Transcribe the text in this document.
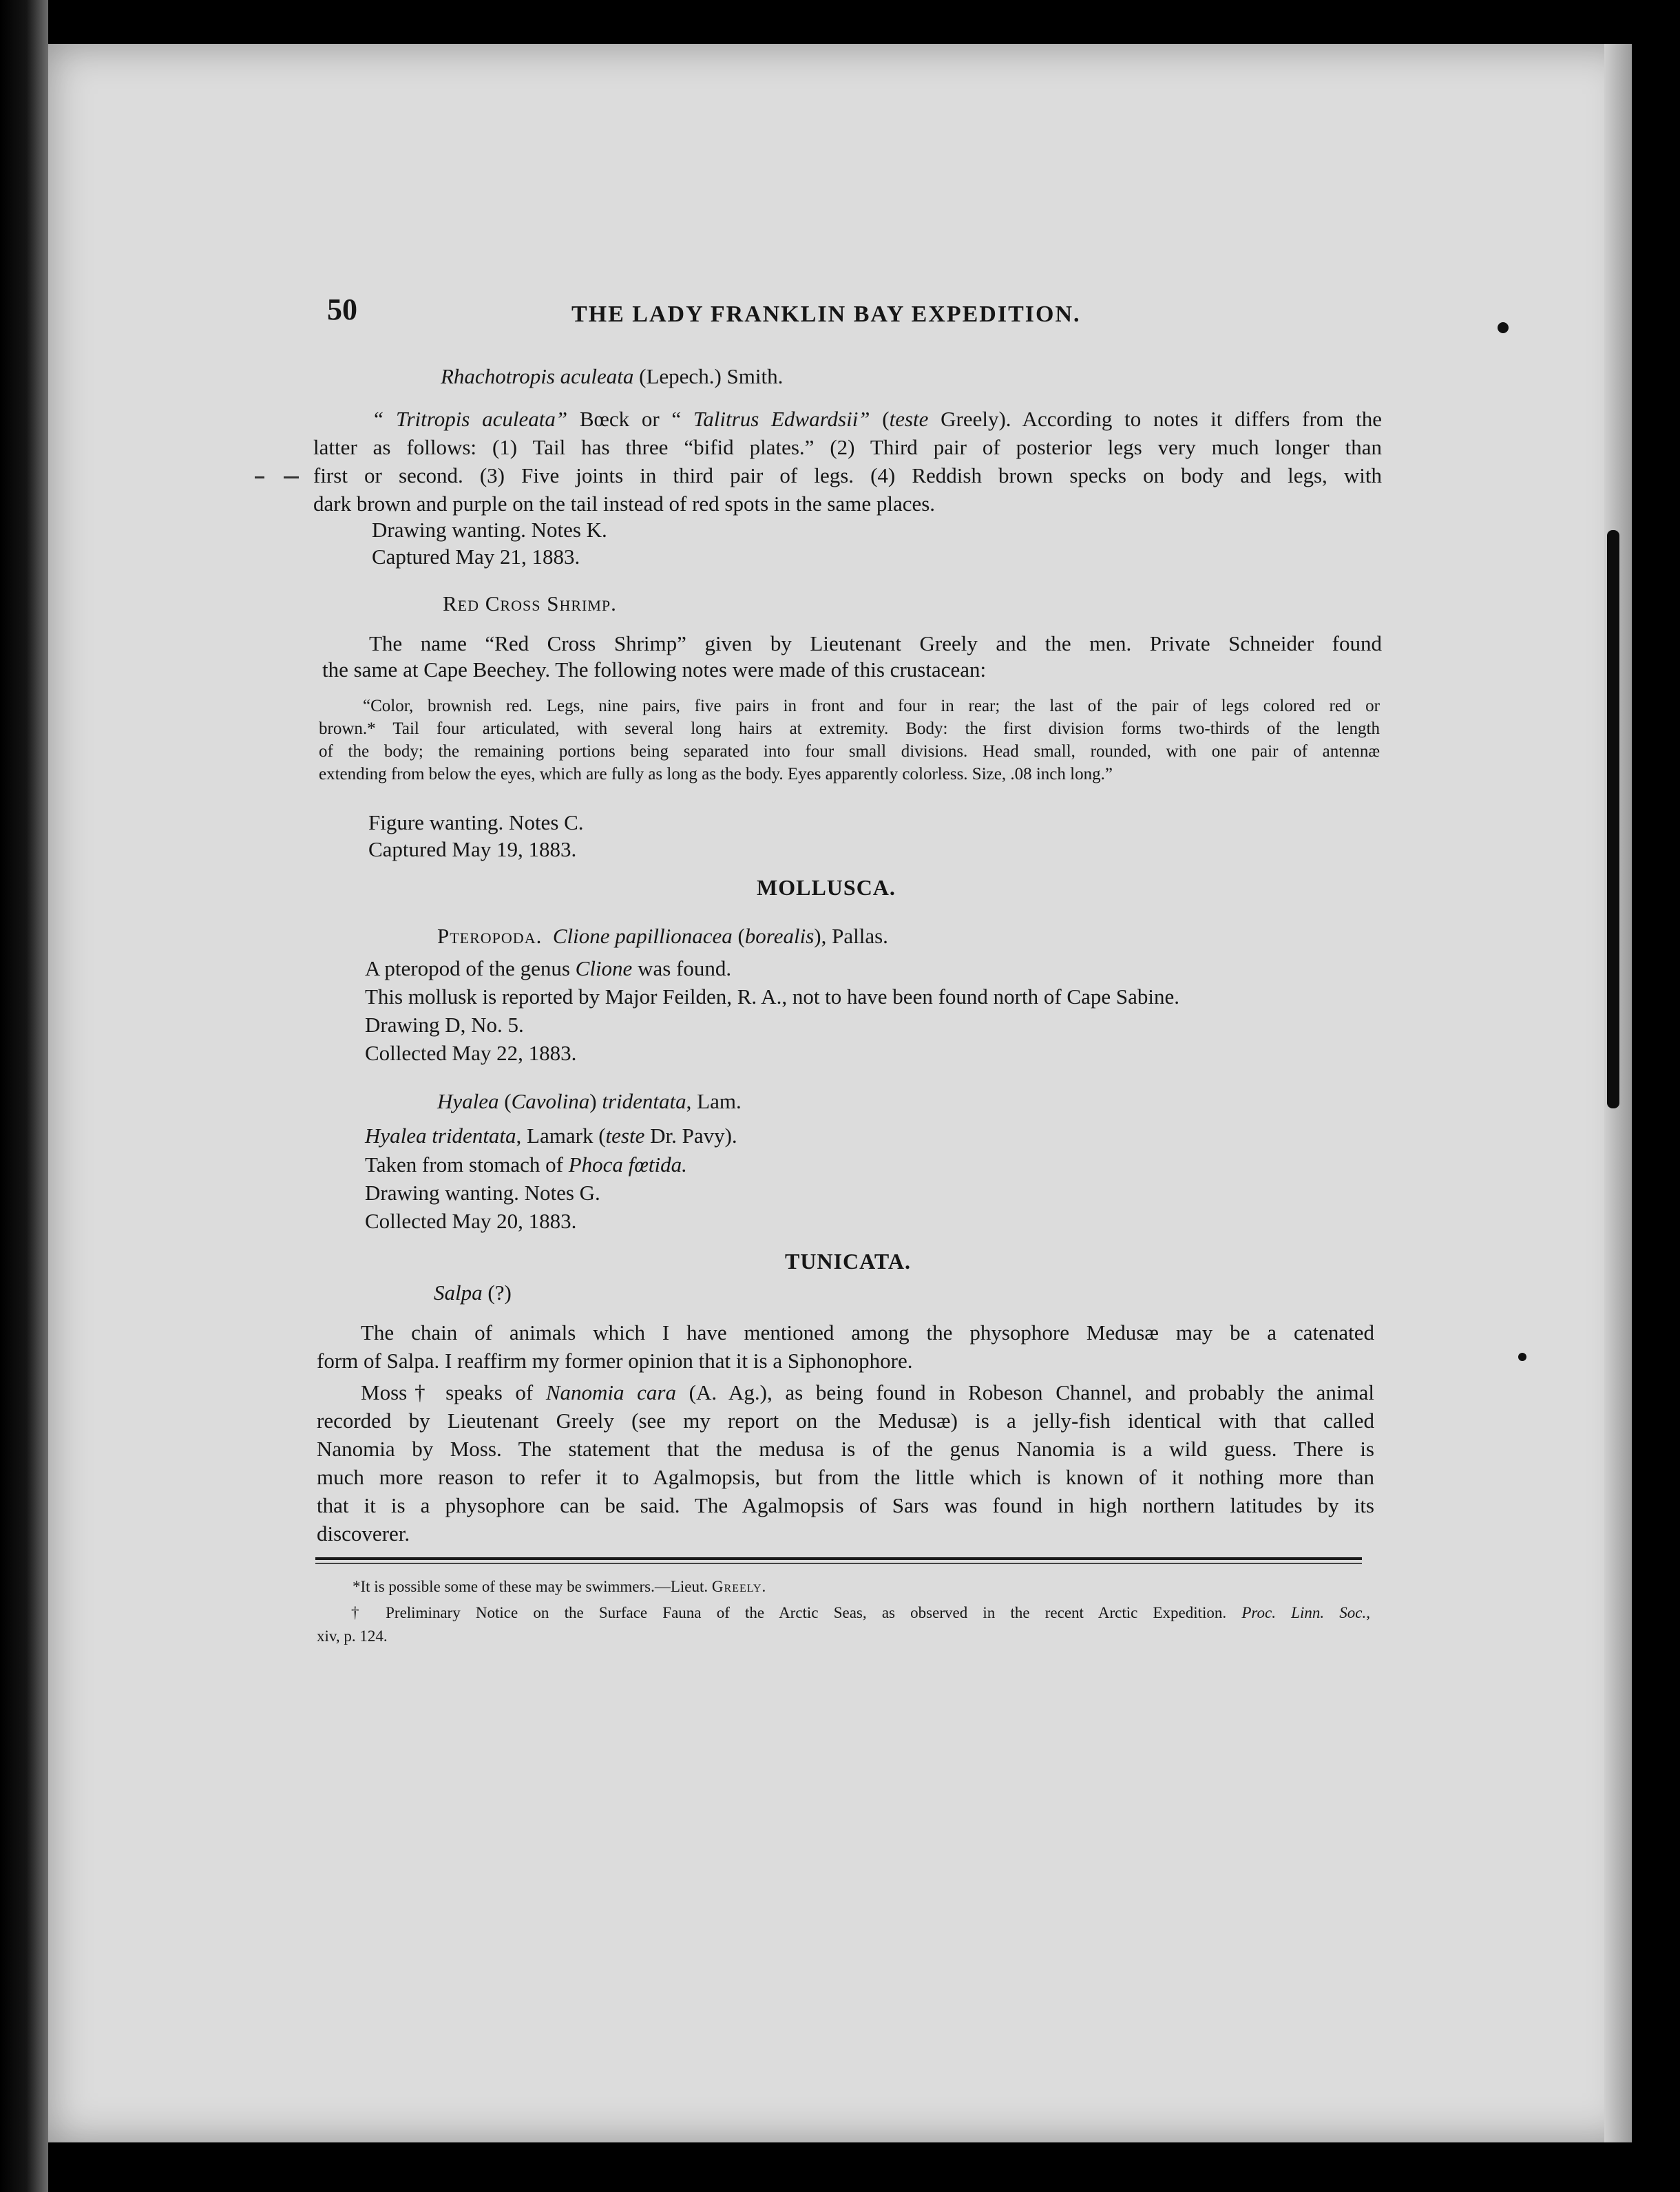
50	THE LADY FRANKLIN BAY EXPEDITION.
Rhachotropis aculeata (Lepech.) Smith.
“ Tritropis aculeata” Bœck or “ Talitrus Edwardsii” (teste Greely). According to notes it differs from the
latter as follows: (1) Tail has three “bifid plates.” (2) Third pair of posterior legs very much longer than
first or second. (3) Five joints in third pair of legs. (4) Reddish brown specks on body and legs, with
dark brown and purple on the tail instead of red spots in the same places.
Drawing wanting. Notes K.
Captured May 21, 1883.
Red Cross Shrimp.
The name “Red Cross Shrimp” given by Lieutenant Greely and the men. Private Schneider found
the same at Cape Beechey. The following notes were made of this crustacean:
“Color, brownish red. Legs, nine pairs, five pairs in front and four in rear; the last of the pair of legs colored red or
brown.* Tail four articulated, with several long hairs at extremity. Body: the first division forms two-thirds of the length
of the body; the remaining portions being separated into four small divisions. Head small, rounded, with one pair of antennæ
extending from below the eyes, which are fully as long as the body. Eyes apparently colorless. Size, .08 inch long.”
Figure wanting. Notes C.
Captured May 19, 1883.
MOLLUSCA.
Pteropoda. Clione papillionacea (borealis), Pallas.
A pteropod of the genus Clione was found.
This mollusk is reported by Major Feilden, R. A., not to have been found north of Cape Sabine.
Drawing D, No. 5.
Collected May 22, 1883.
Hyalea (Cavolina) tridentata, Lam.
Hyalea tridentata, Lamark (teste Dr. Pavy).
Taken from stomach of Phoca fœtida.
Drawing wanting. Notes G.
Collected May 20, 1883.
TUNICATA.
Salpa (?)
The chain of animals which I have mentioned among the physophore Medusæ may be a catenated
form of Salpa. I reaffirm my former opinion that it is a Siphonophore.
Moss† speaks of Nanomia cara (A. Ag.), as being found in Robeson Channel, and probably the animal
recorded by Lieutenant Greely (see my report on the Medusæ) is a jelly-fish identical with that called
Nanomia by Moss. The statement that the medusa is of the genus Nanomia is a wild guess. There is
much more reason to refer it to Agalmopsis, but from the little which is known of it nothing more than
that it is a physophore can be said. The Agalmopsis of Sars was found in high northern latitudes by its
discoverer.
*It is possible some of these may be swimmers.—Lieut. Greely.
† Preliminary Notice on the Surface Fauna of the Arctic Seas, as observed in the recent Arctic Expedition. Proc. Linn. Soc.,
xiv, p. 124.
